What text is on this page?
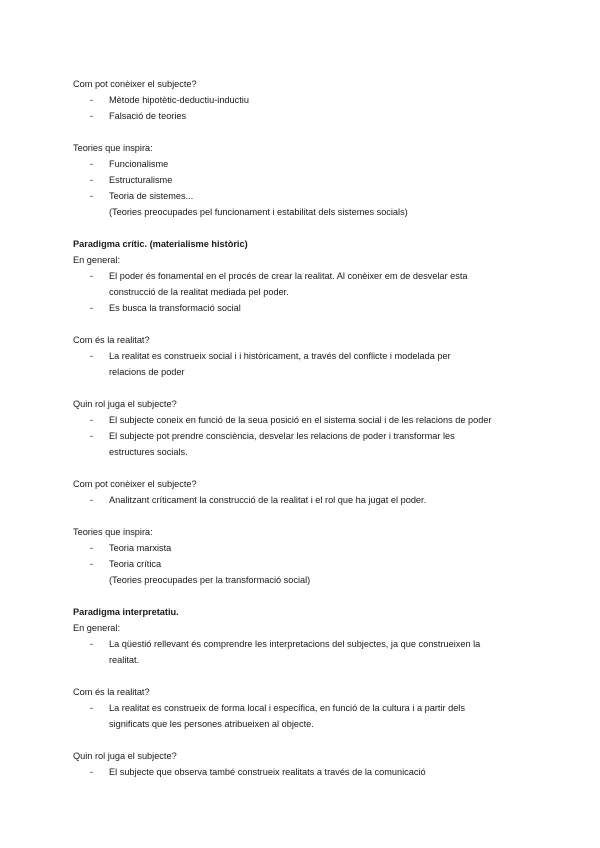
Com pot conèixer el subjecte?

- Mètode hipotètic-deductiu-inductiu
- Falsació de teories

Teories que inspira:

- Funcionalisme
- Estructuralisme
- Teoria de sistemes...

(Teories preocupades pel funcionament i estabilitat dels sistemes socials)

Paradigma crític. (materialisme històric)

En general:

- El poder és fonamental en el procés de crear la realitat. Al conèixer em de desvelar esta
construcció de la realitat mediada pel poder.
- Es busca la transformació social

Com és la realitat?

- La realitat es construeix social i i històricament, a través del conflicte i modelada per
relacions de poder

Quin rol juga el subjecte?

- El subjecte coneix en funció de la seua posició en el sistema social i de les relacions de poder
- El subjecte pot prendre consciència, desvelar les relacions de poder i transformar les
estructures socials.

Com pot conèixer el subjecte?

- Analitzant críticament la construcció de la realitat i el rol que ha jugat el poder.

Teories que inspira:

- Teoria marxista
- Teoria crítica

(Teories preocupades per la transformació social)

Paradigma interpretatiu.

En general:

- La qüestió rellevant és comprendre les interpretacions del subjectes, ja que construeixen la
realitat.

Com és la realitat?

- La realitat es construeix de forma local i específica, en funció de la cultura i a partir dels
significats que les persones atribueixen al objecte.

Quin rol juga el subjecte?

- El subjecte que observa també construeix realitats a través de la comunicació
